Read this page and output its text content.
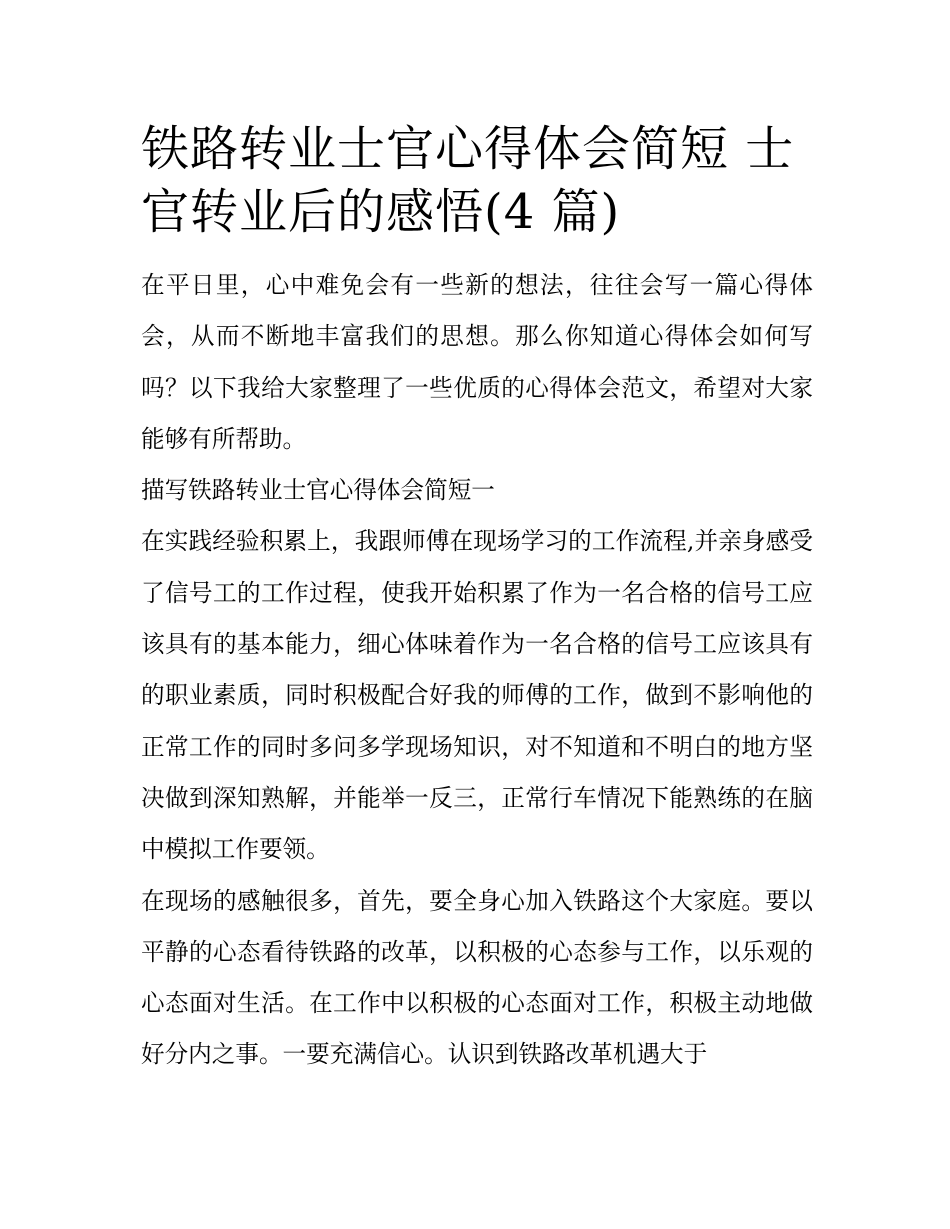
铁路转业士官心得体会简短 士官转业后的感悟(4 篇)

在平日里，心中难免会有一些新的想法，往往会写一篇心得体会，从而不断地丰富我们的思想。那么你知道心得体会如何写吗？以下我给大家整理了一些优质的心得体会范文，希望对大家能够有所帮助。

描写铁路转业士官心得体会简短一

在实践经验积累上，我跟师傅在现场学习的工作流程,并亲身感受了信号工的工作过程，使我开始积累了作为一名合格的信号工应该具有的基本能力，细心体味着作为一名合格的信号工应该具有的职业素质，同时积极配合好我的师傅的工作，做到不影响他的正常工作的同时多问多学现场知识，对不知道和不明白的地方坚决做到深知熟解，并能举一反三，正常行车情况下能熟练的在脑中模拟工作要领。

在现场的感触很多，首先，要全身心加入铁路这个大家庭。要以平静的心态看待铁路的改革，以积极的心态参与工作，以乐观的心态面对生活。在工作中以积极的心态面对工作，积极主动地做好分内之事。一要充满信心。认识到铁路改革机遇大于
